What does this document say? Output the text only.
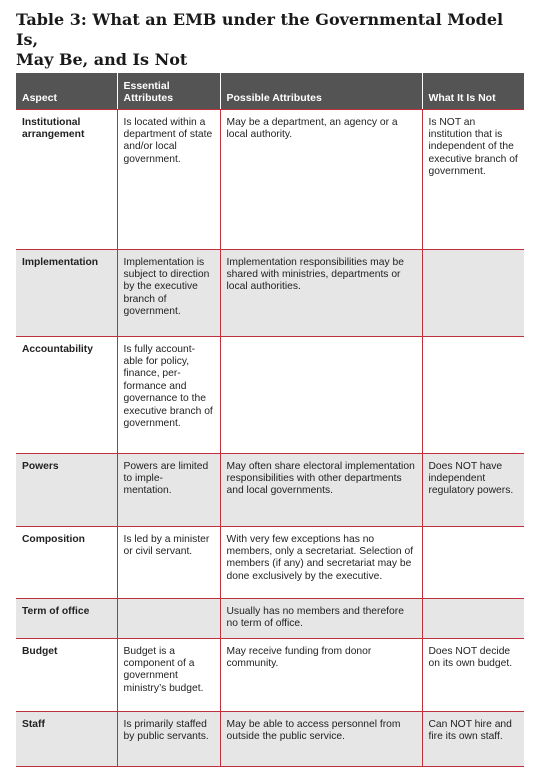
Table 3: What an EMB under the Governmental Model Is,
May Be, and Is Not
Aspect	Essential Attributes	Possible Attributes	What It Is Not
Institutional arrangement	Is located within a department of state and/or local government.	May be a department, an agency or a local authority.	Is NOT an institution that is independent of the executive branch of government.
Implementation	Implementation is subject to direction by the executive branch of government.	Implementation responsibilities may be shared with ministries, departments or local authorities.	
Accountability	Is fully account- able for policy, finance, per- formance and governance to the executive branch of government.		
Powers	Powers are limited to imple- mentation.	May often share electoral implementation responsibilities with other departments and local governments.	Does NOT have independent regulatory powers.
Composition	Is led by a minister or civil servant.	With very few exceptions has no members, only a secretariat. Selection of members (if any) and secretariat may be done exclusively by the executive.	
Term of office		Usually has no members and therefore no term of office.	
Budget	Budget is a component of a government ministry’s budget.	May receive funding from donor community.	Does NOT decide on its own budget.
Staff	Is primarily staffed by public servants.	May be able to access personnel from outside the public service.	Can NOT hire and fire its own staff.
